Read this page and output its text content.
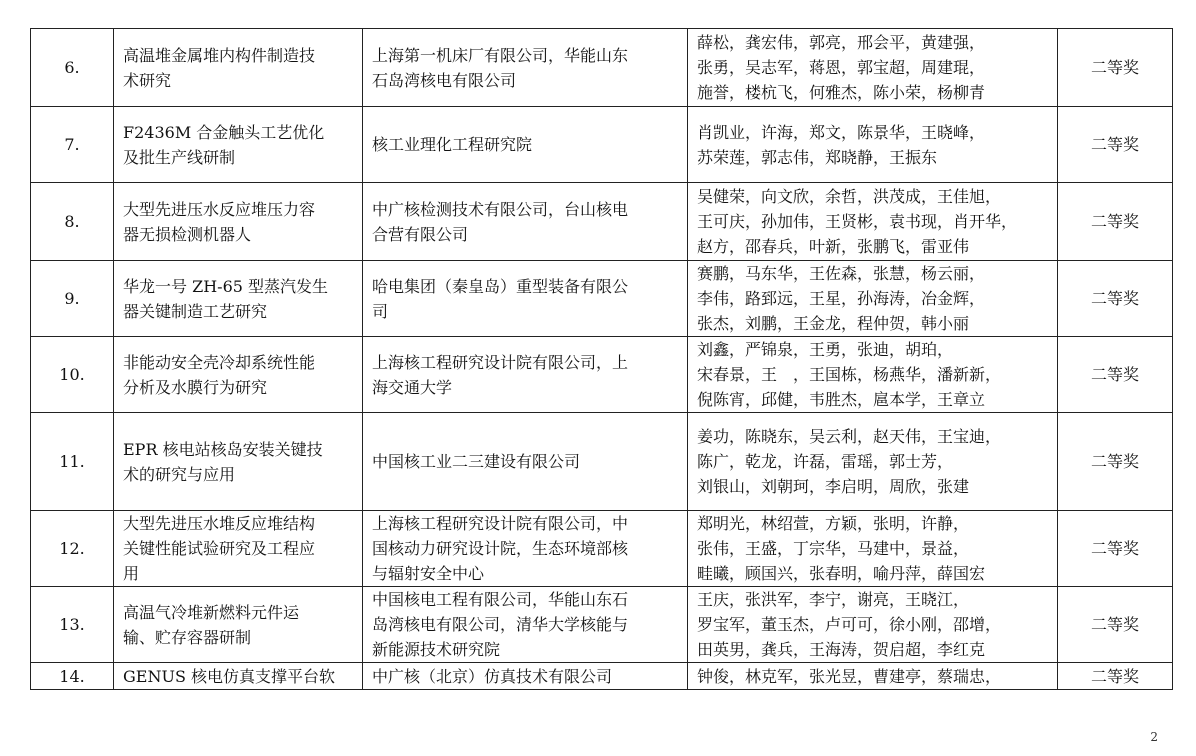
6.	高温堆金属堆内构件制造技
术研究	上海第一机床厂有限公司，华能山东
石岛湾核电有限公司	薛松，龚宏伟，郭亮，邢会平，黄建强，
张勇，吴志军，蒋恩，郭宝超，周建琨，
施誉，楼杭飞，何雅杰，陈小荣，杨柳青	二等奖
7.	F2436M 合金触头工艺优化
及批生产线研制	核工业理化工程研究院	肖凯业，许海，郑文，陈景华，王晓峰，
苏荣莲，郭志伟，郑晓静，王振东	二等奖
8.	大型先进压水反应堆压力容
器无损检测机器人	中广核检测技术有限公司，台山核电
合营有限公司	吴健荣，向文欣，余哲，洪茂成，王佳旭，
王可庆，孙加伟，王贤彬，袁书现，肖开华，
赵方，邵春兵，叶新，张鹏飞，雷亚伟	二等奖
9.	华龙一号 ZH-65 型蒸汽发生
器关键制造工艺研究	哈电集团（秦皇岛）重型装备有限公
司	赛鹏，马东华，王佐森，张慧，杨云丽，
李伟，路郅远，王星，孙海涛，冶金辉，
张杰，刘鹏，王金龙，程仲贺，韩小丽	二等奖
10.	非能动安全壳冷却系统性能
分析及水膜行为研究	上海核工程研究设计院有限公司，上
海交通大学	刘鑫，严锦泉，王勇，张迪，胡珀，
宋春景，王　，王国栋，杨燕华，潘新新，
倪陈宵，邱健，韦胜杰，扈本学，王章立	二等奖
11.	EPR 核电站核岛安装关键技
术的研究与应用	中国核工业二三建设有限公司	姜功，陈晓东，吴云利，赵天伟，王宝迪，
陈广，乾龙，许磊，雷瑶，郭士芳，
刘银山，刘朝珂，李启明，周欣，张建	二等奖
12.	大型先进压水堆反应堆结构
关键性能试验研究及工程应
用	上海核工程研究设计院有限公司，中
国核动力研究设计院，生态环境部核
与辐射安全中心	郑明光，林绍萱，方颖，张明，许静，
张伟，王盛，丁宗华，马建中，景益，
畦曦，顾国兴，张春明，喻丹萍，薛国宏	二等奖
13.	高温气冷堆新燃料元件运
输、贮存容器研制	中国核电工程有限公司，华能山东石
岛湾核电有限公司，清华大学核能与
新能源技术研究院	王庆，张洪军，李宁，谢亮，王晓江，
罗宝军，董玉杰，卢可可，徐小刚，邵增，
田英男，龚兵，王海涛，贺启超，李红克	二等奖
14.	GENUS 核电仿真支撑平台软	中广核（北京）仿真技术有限公司	钟俊，林克军，张光昱，曹建亭，蔡瑞忠，	二等奖
2
